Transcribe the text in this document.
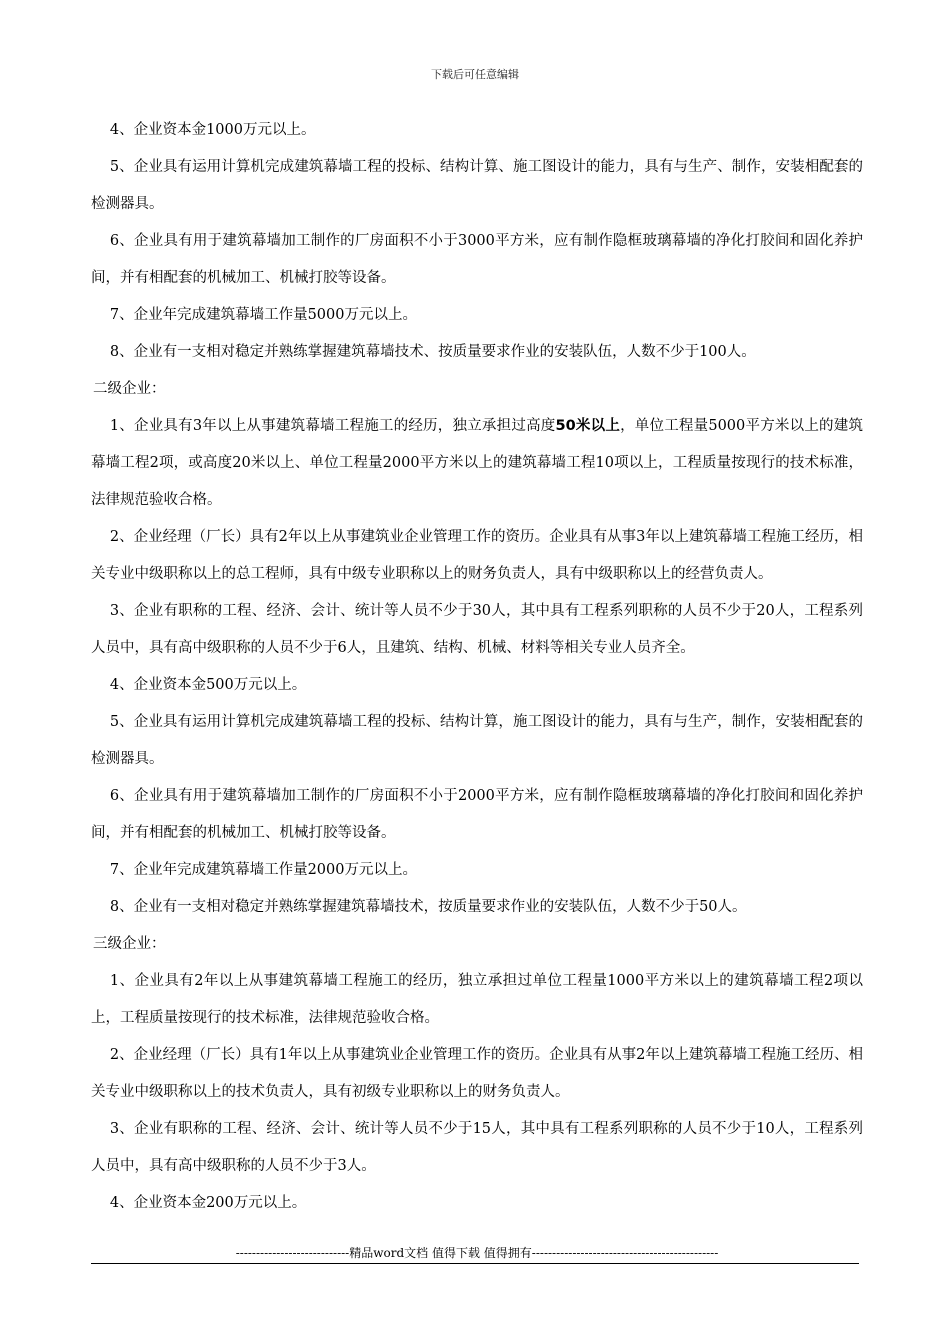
下载后可任意编辑

4、企业资本金1000万元以上。

5、企业具有运用计算机完成建筑幕墙工程的投标、结构计算、施工图设计的能力，具有与生产、制作，安装相配套的检测器具。

6、企业具有用于建筑幕墙加工制作的厂房面积不小于3000平方米，应有制作隐框玻璃幕墙的净化打胶间和固化养护间，并有相配套的机械加工、机械打胶等设备。

7、企业年完成建筑幕墙工作量5000万元以上。

8、企业有一支相对稳定并熟练掌握建筑幕墙技术、按质量要求作业的安装队伍，人数不少于100人。

二级企业：

1、企业具有3年以上从事建筑幕墙工程施工的经历，独立承担过高度50米以上，单位工程量5000平方米以上的建筑幕墙工程2项，或高度20米以上、单位工程量2000平方米以上的建筑幕墙工程10项以上，工程质量按现行的技术标准，法律规范验收合格。

2、企业经理（厂长）具有2年以上从事建筑业企业管理工作的资历。企业具有从事3年以上建筑幕墙工程施工经历，相关专业中级职称以上的总工程师，具有中级专业职称以上的财务负责人，具有中级职称以上的经营负责人。

3、企业有职称的工程、经济、会计、统计等人员不少于30人，其中具有工程系列职称的人员不少于20人，工程系列人员中，具有高中级职称的人员不少于6人，且建筑、结构、机械、材料等相关专业人员齐全。

4、企业资本金500万元以上。

5、企业具有运用计算机完成建筑幕墙工程的投标、结构计算，施工图设计的能力，具有与生产，制作，安装相配套的检测器具。

6、企业具有用于建筑幕墙加工制作的厂房面积不小于2000平方米，应有制作隐框玻璃幕墙的净化打胶间和固化养护间，并有相配套的机械加工、机械打胶等设备。

7、企业年完成建筑幕墙工作量2000万元以上。

8、企业有一支相对稳定并熟练掌握建筑幕墙技术，按质量要求作业的安装队伍，人数不少于50人。

三级企业：

1、企业具有2年以上从事建筑幕墙工程施工的经历，独立承担过单位工程量1000平方米以上的建筑幕墙工程2项以上，工程质量按现行的技术标准，法律规范验收合格。

2、企业经理（厂长）具有1年以上从事建筑业企业管理工作的资历。企业具有从事2年以上建筑幕墙工程施工经历、相关专业中级职称以上的技术负责人，具有初级专业职称以上的财务负责人。

3、企业有职称的工程、经济、会计、统计等人员不少于15人，其中具有工程系列职称的人员不少于10人，工程系列人员中，具有高中级职称的人员不少于3人。

4、企业资本金200万元以上。

----------------------------精品word文档 值得下载 值得拥有----------------------------------------------
